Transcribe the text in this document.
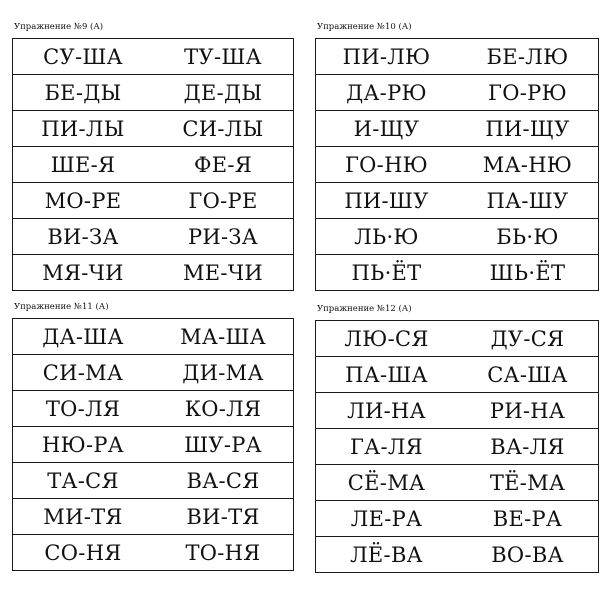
Упражнение №9 (А)
СУ-ША	ТУ-ША
БЕ-ДЫ	ДЕ-ДЫ
ПИ-ЛЫ	СИ-ЛЫ
ШЕ-Я	ФЕ-Я
МО-РЕ	ГО-РЕ
ВИ-ЗА	РИ-ЗА
МЯ-ЧИ	МЕ-ЧИ
Упражнение №10 (А)
ПИ-ЛЮ	БЕ-ЛЮ
ДА-РЮ	ГО-РЮ
И-ЩУ	ПИ-ЩУ
ГО-НЮ	МА-НЮ
ПИ-ШУ	ПА-ШУ
ЛЬ·Ю	БЬ·Ю
ПЬ·ЁТ	ШЬ·ЁТ
Упражнение №11 (А)
ДА-ША	МА-ША
СИ-МА	ДИ-МА
ТО-ЛЯ	КО-ЛЯ
НЮ-РА	ШУ-РА
ТА-СЯ	ВА-СЯ
МИ-ТЯ	ВИ-ТЯ
СО-НЯ	ТО-НЯ
Упражнение №12 (А)
ЛЮ-СЯ	ДУ-СЯ
ПА-ША	СА-ША
ЛИ-НА	РИ-НА
ГА-ЛЯ	ВА-ЛЯ
СЁ-МА	ТЁ-МА
ЛЕ-РА	ВЕ-РА
ЛЁ-ВА	ВО-ВА
